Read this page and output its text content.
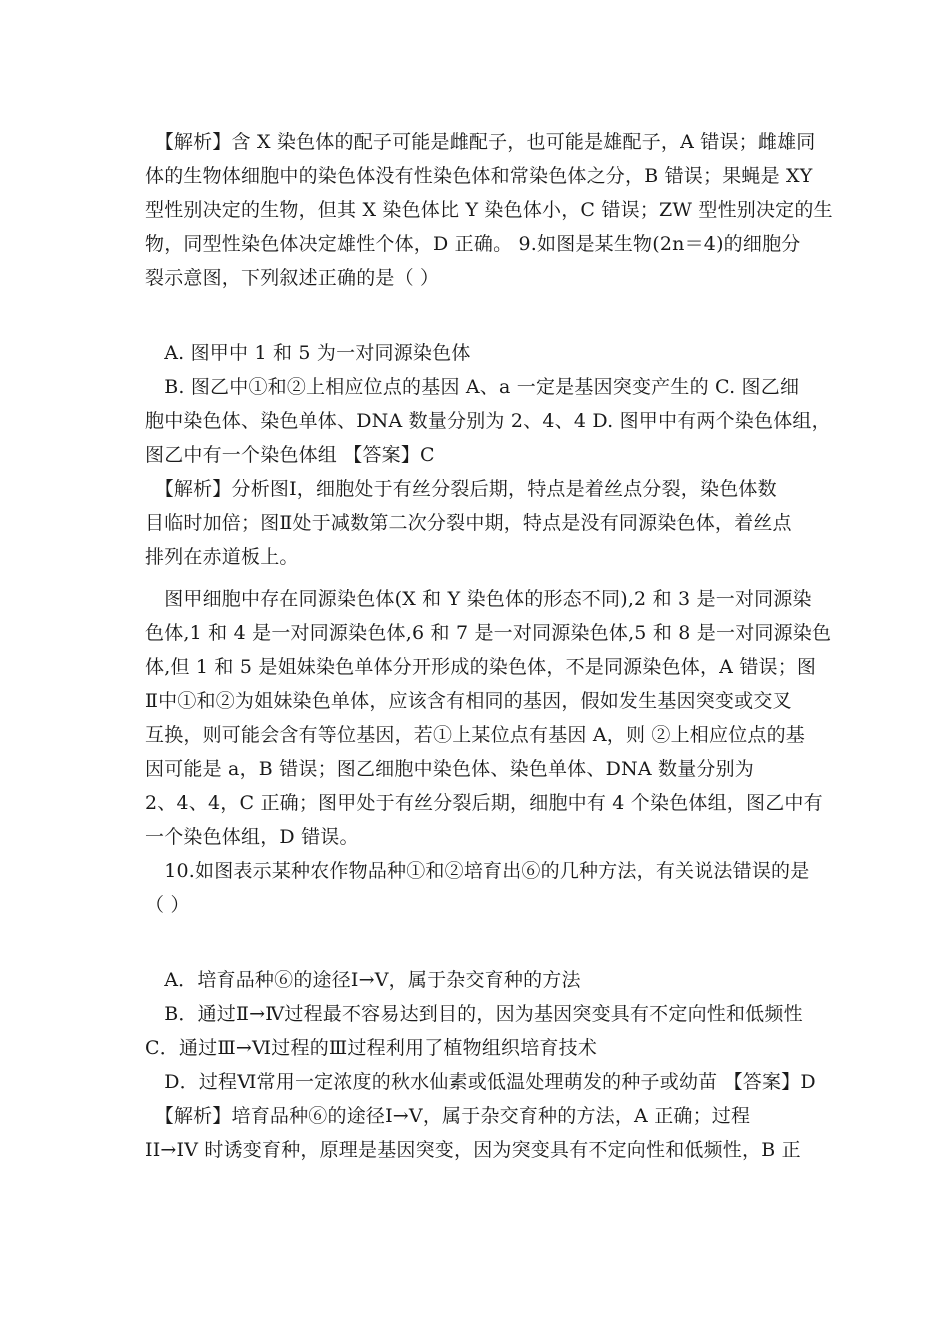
　【解析】含 X 染色体的配子可能是雌配子，也可能是雄配子，A 错误；雌雄同
体的生物体细胞中的染色体没有性染色体和常染色体之分，B 错误；果蝇是 XY
型性别决定的生物，但其 X 染色体比 Y 染色体小，C 错误；ZW 型性别决定的生
物，同型性染色体决定雄性个体，D 正确。 9.如图是某生物(2n＝4)的细胞分
裂示意图，下列叙述正确的是（ ）
　A. 图甲中 1 和 5 为一对同源染色体
　B. 图乙中①和②上相应位点的基因 A、a 一定是基因突变产生的 C. 图乙细
胞中染色体、染色单体、DNA 数量分别为 2、4、4 D. 图甲中有两个染色体组，
图乙中有一个染色体组 【答案】C
　【解析】分析图Ⅰ，细胞处于有丝分裂后期，特点是着丝点分裂，染色体数
目临时加倍；图Ⅱ处于减数第二次分裂中期，特点是没有同源染色体，着丝点
排列在赤道板上。
　图甲细胞中存在同源染色体(X 和 Y 染色体的形态不同),2 和 3 是一对同源染
色体,1 和 4 是一对同源染色体,6 和 7 是一对同源染色体,5 和 8 是一对同源染色
体,但 1 和 5 是姐妹染色单体分开形成的染色体，不是同源染色体，A 错误；图
Ⅱ中①和②为姐妹染色单体，应该含有相同的基因，假如发生基因突变或交叉
互换，则可能会含有等位基因，若①上某位点有基因 A，则 ②上相应位点的基
因可能是 a，B 错误；图乙细胞中染色体、染色单体、DNA 数量分别为
2、4、4，C 正确；图甲处于有丝分裂后期，细胞中有 4 个染色体组，图乙中有
一个染色体组，D 错误。
　10.如图表示某种农作物品种①和②培育出⑥的几种方法，有关说法错误的是
（ ）
　A．培育品种⑥的途径Ⅰ→V，属于杂交育种的方法
　B．通过Ⅱ→Ⅳ过程最不容易达到目的，因为基因突变具有不定向性和低频性
C．通过Ⅲ→Ⅵ过程的Ⅲ过程利用了植物组织培育技术
　D．过程Ⅵ常用一定浓度的秋水仙素或低温处理萌发的种子或幼苗 【答案】D
　【解析】培育品种⑥的途径Ⅰ→V，属于杂交育种的方法，A 正确；过程
II→IV 时诱变育种，原理是基因突变，因为突变具有不定向性和低频性，B 正
